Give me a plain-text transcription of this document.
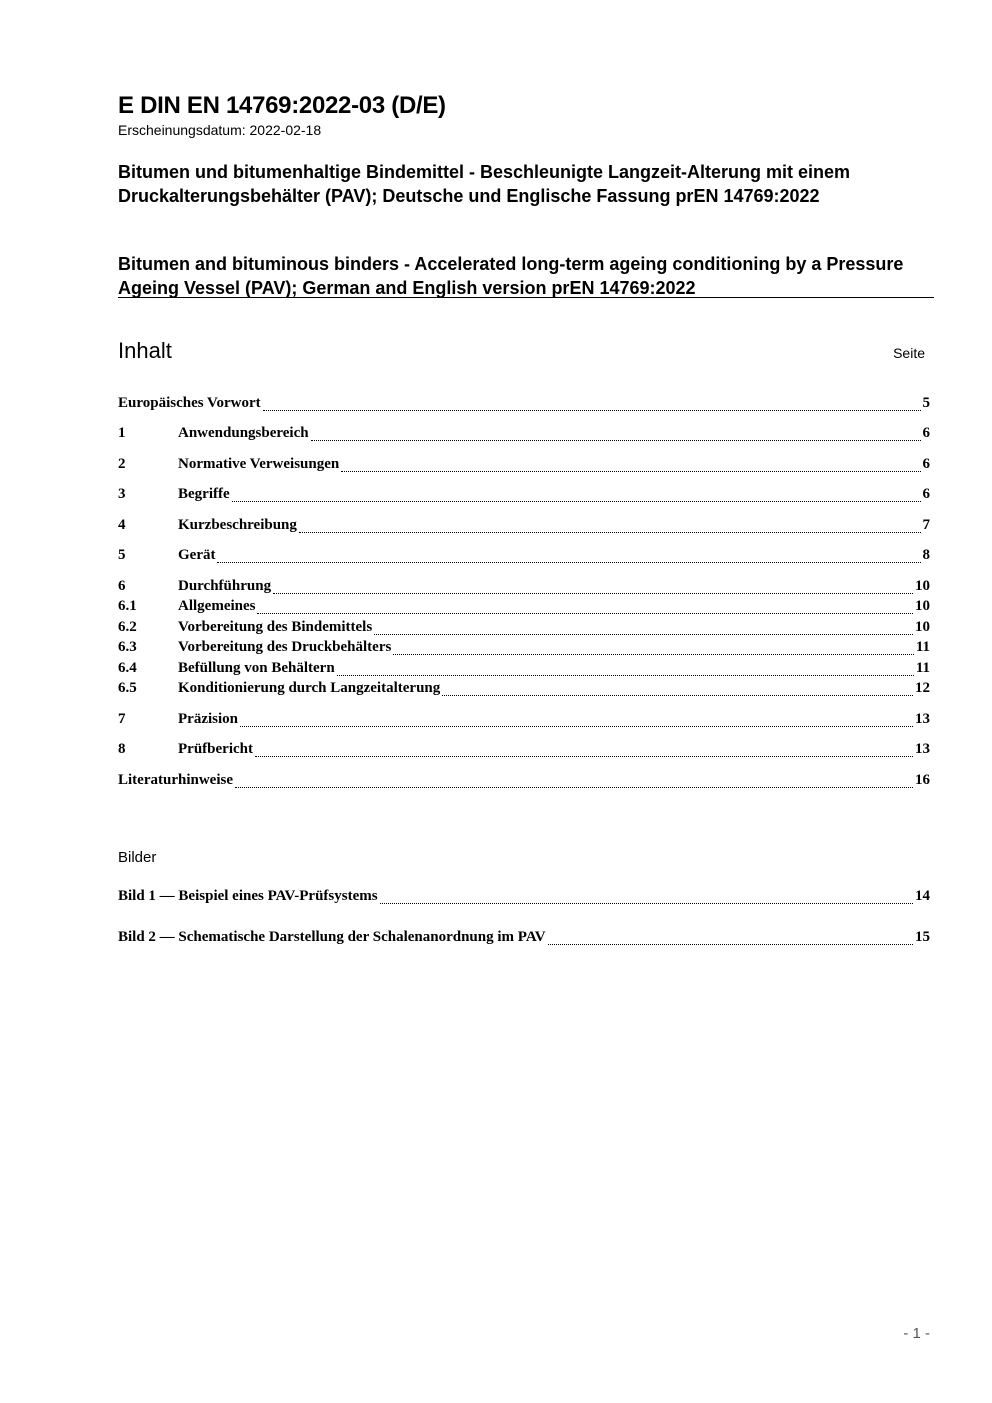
E DIN EN 14769:2022-03 (D/E)
Erscheinungsdatum: 2022-02-18
Bitumen und bitumenhaltige Bindemittel - Beschleunigte Langzeit-Alterung mit einem Druckalterungsbehälter (PAV); Deutsche und Englische Fassung prEN 14769:2022
Bitumen and bituminous binders - Accelerated long-term ageing conditioning by a Pressure Ageing Vessel (PAV); German and English version prEN 14769:2022
Inhalt	Seite
Europäisches Vorwort	5
1	Anwendungsbereich	6
2	Normative Verweisungen	6
3	Begriffe	6
4	Kurzbeschreibung	7
5	Gerät	8
6	Durchführung	10
6.1	Allgemeines	10
6.2	Vorbereitung des Bindemittels	10
6.3	Vorbereitung des Druckbehälters	11
6.4	Befüllung von Behältern	11
6.5	Konditionierung durch Langzeitalterung	12
7	Präzision	13
8	Prüfbericht	13
Literaturhinweise	16
Bilder
Bild 1 — Beispiel eines PAV-Prüfsystems	14
Bild 2 — Schematische Darstellung der Schalenanordnung im PAV	15
- 1 -
